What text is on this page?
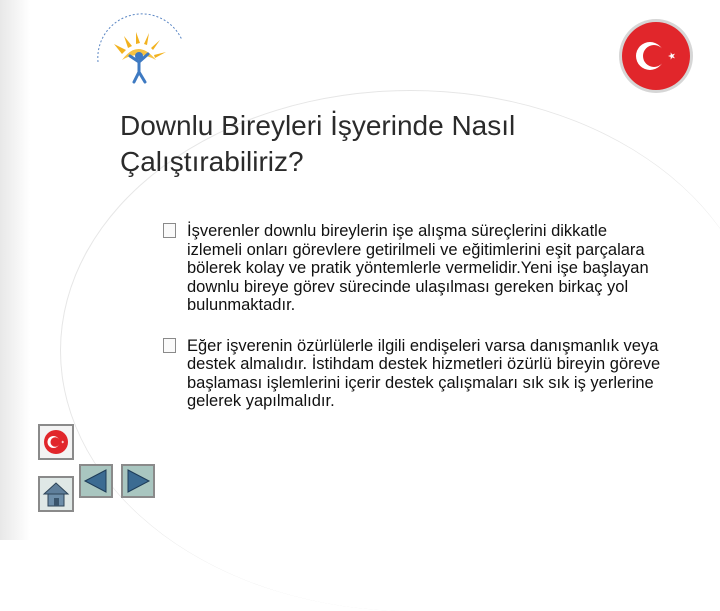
Downlu Bireyleri İşyerinde Nasıl Çalıştırabiliriz?
İşverenler downlu bireylerin işe alışma süreçlerini dikkatle izlemeli onları görevlere getirilmeli ve eğitimlerini eşit parçalara bölerek kolay ve pratik yöntemlerle vermelidir.Yeni işe başlayan downlu bireye görev sürecinde ulaşılması gereken birkaç yol bulunmaktadır.
Eğer işverenin özürlülerle ilgili endişeleri varsa danışmanlık veya destek almalıdır. İstihdam destek hizmetleri özürlü bireyin göreve başlaması işlemlerini içerir destek çalışmaları sık sık iş yerlerine gelerek yapılmalıdır.
